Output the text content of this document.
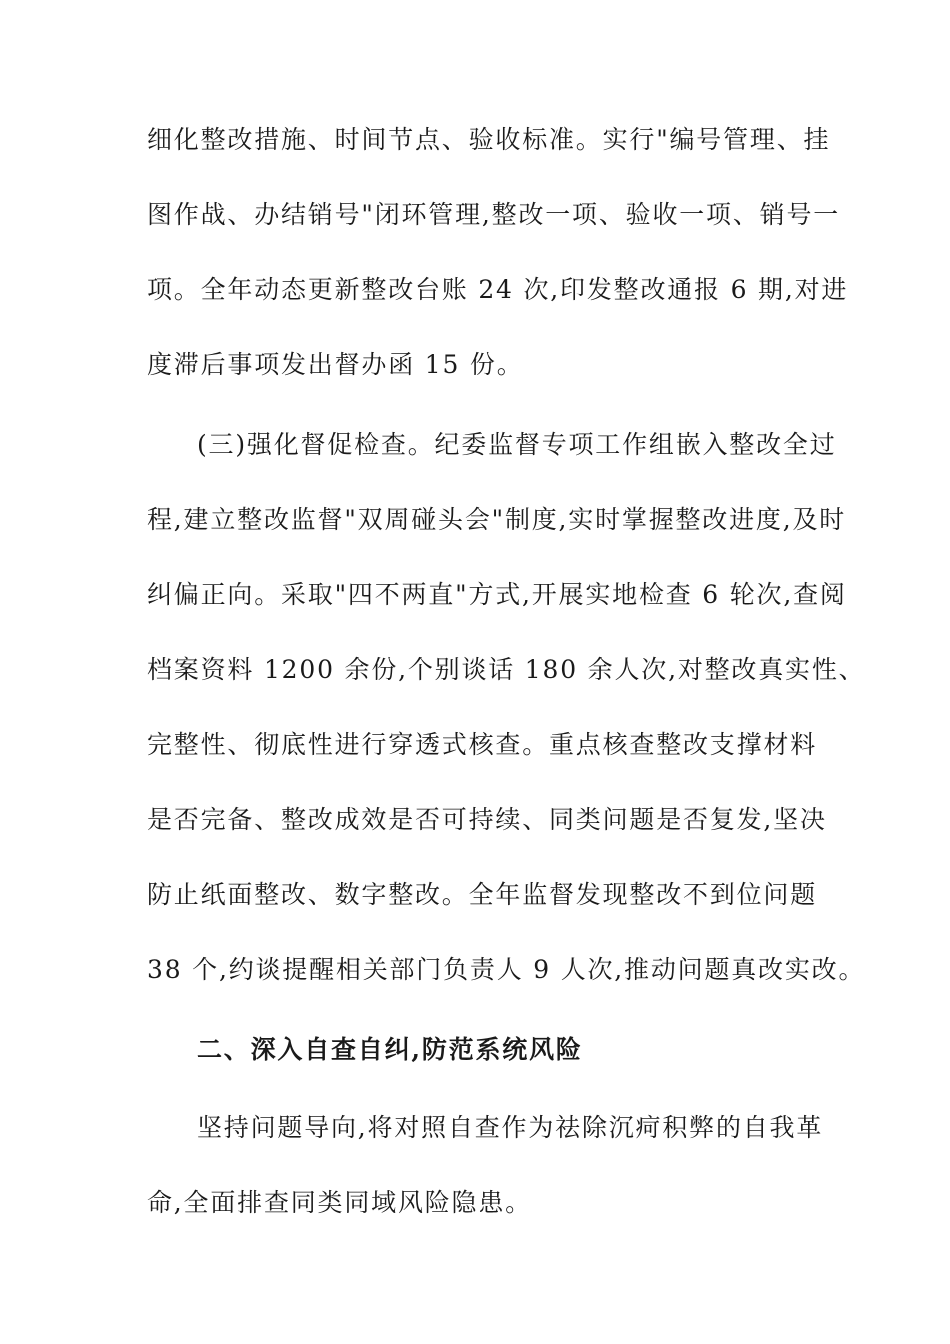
细化整改措施、时间节点、验收标准。实行"编号管理、挂
图作战、办结销号"闭环管理,整改一项、验收一项、销号一
项。全年动态更新整改台账 24 次,印发整改通报 6 期,对进
度滞后事项发出督办函 15 份。
(三)强化督促检查。纪委监督专项工作组嵌入整改全过
程,建立整改监督"双周碰头会"制度,实时掌握整改进度,及时
纠偏正向。采取"四不两直"方式,开展实地检查 6 轮次,查阅
档案资料 1200 余份,个别谈话 180 余人次,对整改真实性、
完整性、彻底性进行穿透式核查。重点核查整改支撑材料
是否完备、整改成效是否可持续、同类问题是否复发,坚决
防止纸面整改、数字整改。全年监督发现整改不到位问题
38 个,约谈提醒相关部门负责人 9 人次,推动问题真改实改。
二、深入自查自纠,防范系统风险
坚持问题导向,将对照自查作为祛除沉疴积弊的自我革
命,全面排查同类同域风险隐患。
